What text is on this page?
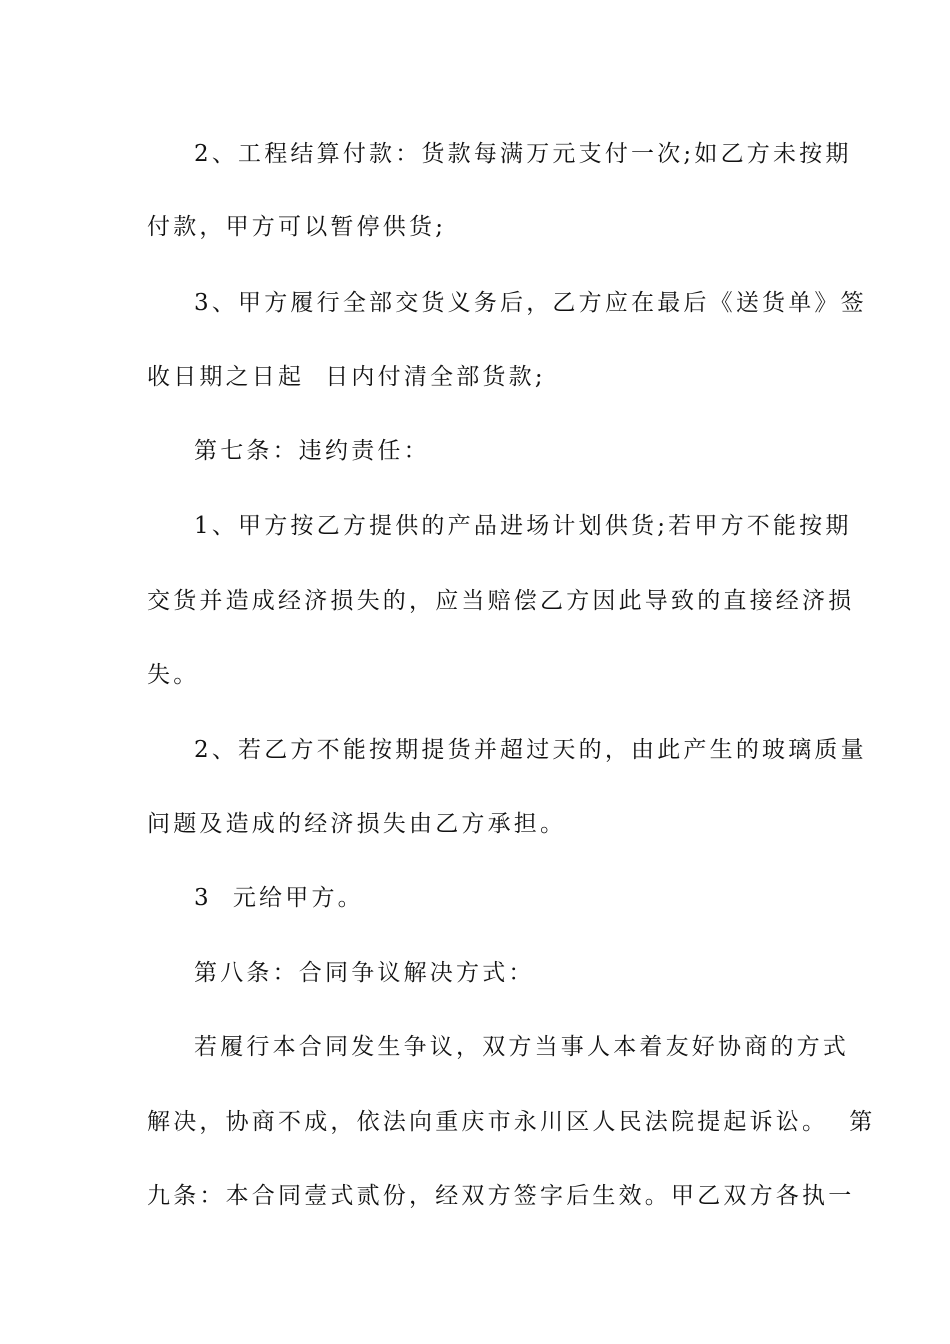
2、工程结算付款：货款每满万元支付一次;如乙方未按期
付款，甲方可以暂停供货;
3、甲方履行全部交货义务后，乙方应在最后《送货单》签
收日期之日起  日内付清全部货款;
第七条：违约责任：
1、甲方按乙方提供的产品进场计划供货;若甲方不能按期
交货并造成经济损失的，应当赔偿乙方因此导致的直接经济损
失。
2、若乙方不能按期提货并超过天的，由此产生的玻璃质量
问题及造成的经济损失由乙方承担。
3  元给甲方。
第八条：合同争议解决方式：
若履行本合同发生争议，双方当事人本着友好协商的方式
解决，协商不成，依法向重庆市永川区人民法院提起诉讼。  第
九条：本合同壹式贰份，经双方签字后生效。甲乙双方各执一
